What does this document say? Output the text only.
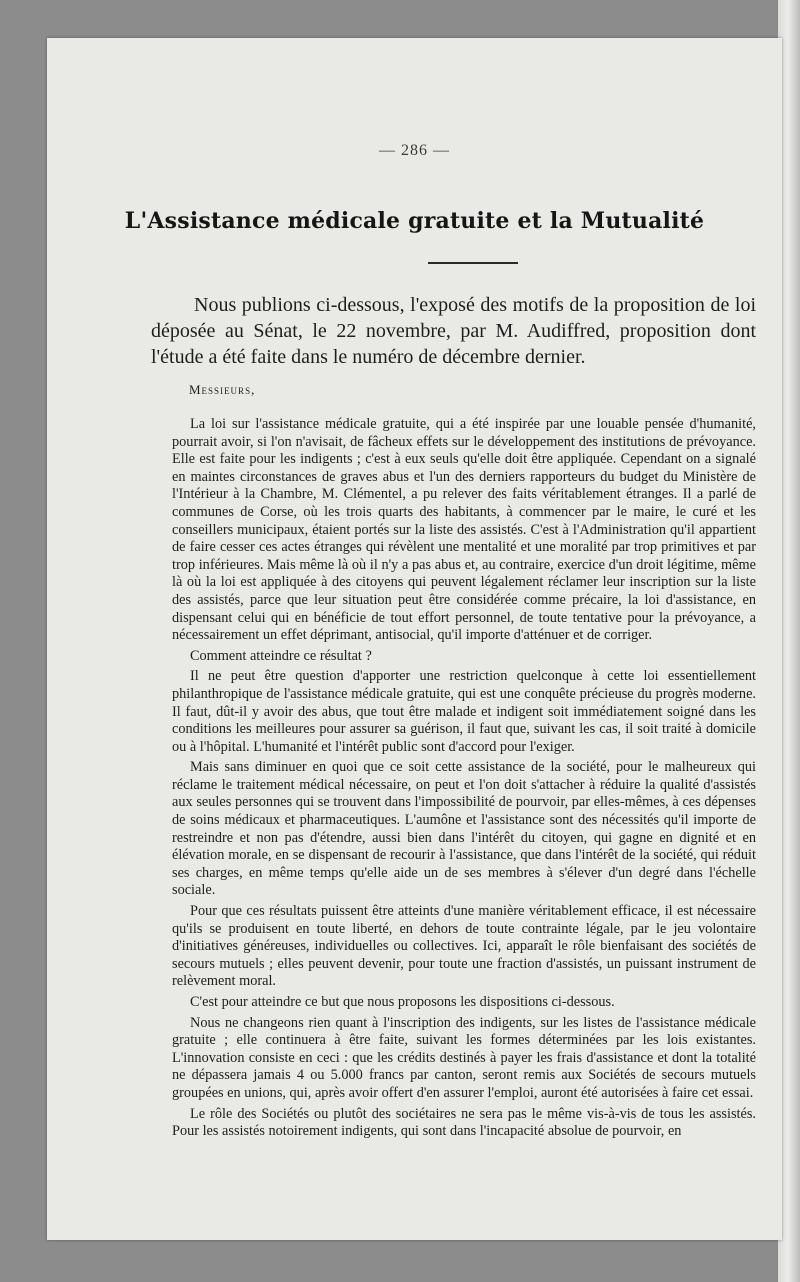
— 286 —
L'Assistance médicale gratuite et la Mutualité

Nous publions ci-dessous, l'exposé des motifs de la proposition de loi déposée au Sénat, le 22 novembre, par M. Audiffred, proposition dont l'étude a été faite dans le numéro de décembre dernier.

Messieurs,

La loi sur l'assistance médicale gratuite, qui a été inspirée par une louable pensée d'humanité, pourrait avoir, si l'on n'avisait, de fâcheux effets sur le développement des institutions de prévoyance. Elle est faite pour les indigents ; c'est à eux seuls qu'elle doit être appliquée. Cependant on a signalé en maintes circonstances de graves abus et l'un des derniers rapporteurs du budget du Ministère de l'Intérieur à la Chambre, M. Clémentel, a pu relever des faits véritablement étranges. Il a parlé de communes de Corse, où les trois quarts des habitants, à commencer par le maire, le curé et les conseillers municipaux, étaient portés sur la liste des assistés. C'est à l'Administration qu'il appartient de faire cesser ces actes étranges qui révèlent une mentalité et une moralité par trop primitives et par trop inférieures. Mais même là où il n'y a pas abus et, au contraire, exercice d'un droit légitime, même là où la loi est appliquée à des citoyens qui peuvent légalement réclamer leur inscription sur la liste des assistés, parce que leur situation peut être considérée comme précaire, la loi d'assistance, en dispensant celui qui en bénéficie de tout effort personnel, de toute tentative pour la prévoyance, a nécessairement un effet déprimant, antisocial, qu'il importe d'atténuer et de corriger.

Comment atteindre ce résultat ?

Il ne peut être question d'apporter une restriction quelconque à cette loi essentiellement philanthropique de l'assistance médicale gratuite, qui est une conquête précieuse du progrès moderne. Il faut, dût-il y avoir des abus, que tout être malade et indigent soit immédiatement soigné dans les conditions les meilleures pour assurer sa guérison, il faut que, suivant les cas, il soit traité à domicile ou à l'hôpital. L'humanité et l'intérêt public sont d'accord pour l'exiger.

Mais sans diminuer en quoi que ce soit cette assistance de la société, pour le malheureux qui réclame le traitement médical nécessaire, on peut et l'on doit s'attacher à réduire la qualité d'assistés aux seules personnes qui se trouvent dans l'impossibilité de pourvoir, par elles-mêmes, à ces dépenses de soins médicaux et pharmaceutiques. L'aumône et l'assistance sont des nécessités qu'il importe de restreindre et non pas d'étendre, aussi bien dans l'intérêt du citoyen, qui gagne en dignité et en élévation morale, en se dispensant de recourir à l'assistance, que dans l'intérêt de la société, qui réduit ses charges, en même temps qu'elle aide un de ses membres à s'élever d'un degré dans l'échelle sociale.

Pour que ces résultats puissent être atteints d'une manière véritablement efficace, il est nécessaire qu'ils se produisent en toute liberté, en dehors de toute contrainte légale, par le jeu volontaire d'initiatives généreuses, individuelles ou collectives. Ici, apparaît le rôle bienfaisant des sociétés de secours mutuels ; elles peuvent devenir, pour toute une fraction d'assistés, un puissant instrument de relèvement moral.

C'est pour atteindre ce but que nous proposons les dispositions ci-dessous.

Nous ne changeons rien quant à l'inscription des indigents, sur les listes de l'assistance médicale gratuite ; elle continuera à être faite, suivant les formes déterminées par les lois existantes. L'innovation consiste en ceci : que les crédits destinés à payer les frais d'assistance et dont la totalité ne dépassera jamais 4 ou 5.000 francs par canton, seront remis aux Sociétés de secours mutuels groupées en unions, qui, après avoir offert d'en assurer l'emploi, auront été autorisées à faire cet essai.

Le rôle des Sociétés ou plutôt des sociétaires ne sera pas le même vis-à-vis de tous les assistés. Pour les assistés notoirement indigents, qui sont dans l'incapacité absolue de pourvoir, en
